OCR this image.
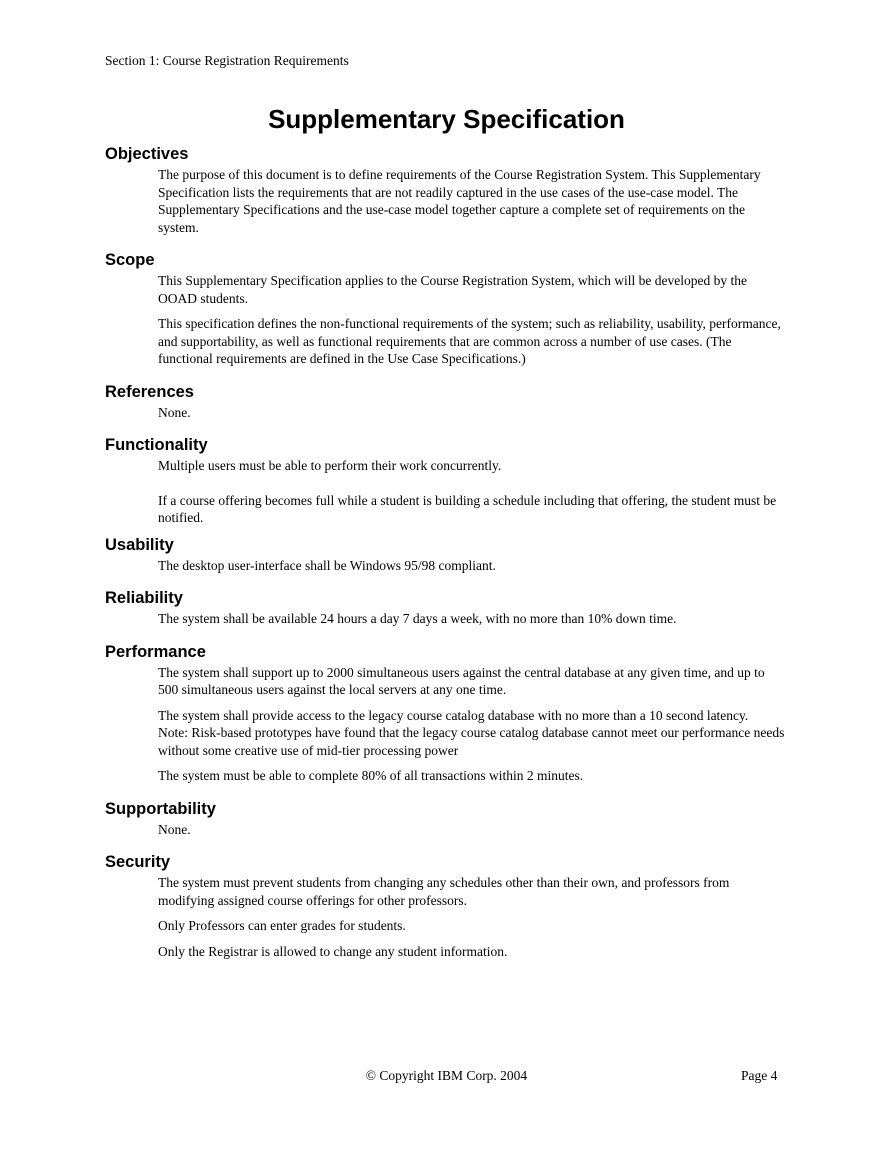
Section 1: Course Registration Requirements
Supplementary Specification
Objectives

The purpose of this document is to define requirements of the Course Registration System. This Supplementary Specification lists the requirements that are not readily captured in the use cases of the use-case model. The Supplementary Specifications and the use-case model together capture a complete set of requirements on the system.

Scope

This Supplementary Specification applies to the Course Registration System, which will be developed by the OOAD students.

This specification defines the non-functional requirements of the system; such as reliability, usability, performance, and supportability, as well as functional requirements that are common across a number of use cases. (The functional requirements are defined in the Use Case Specifications.)

References

None.

Functionality

Multiple users must be able to perform their work concurrently.

If a course offering becomes full while a student is building a schedule including that offering, the student must be notified.

Usability

The desktop user-interface shall be Windows 95/98 compliant.

Reliability

The system shall be available 24 hours a day 7 days a week, with no more than 10% down time.

Performance

The system shall support up to 2000 simultaneous users against the central database at any given time, and up to 500 simultaneous users against the local servers at any one time.

The system shall provide access to the legacy course catalog database with no more than a 10 second latency.

Note: Risk-based prototypes have found that the legacy course catalog database cannot meet our performance needs without some creative use of mid-tier processing power

The system must be able to complete 80% of all transactions within 2 minutes.

Supportability

None.

Security

The system must prevent students from changing any schedules other than their own, and professors from modifying assigned course offerings for other professors.

Only Professors can enter grades for students.

Only the Registrar is allowed to change any student information.

© Copyright IBM Corp. 2004	Page 4
